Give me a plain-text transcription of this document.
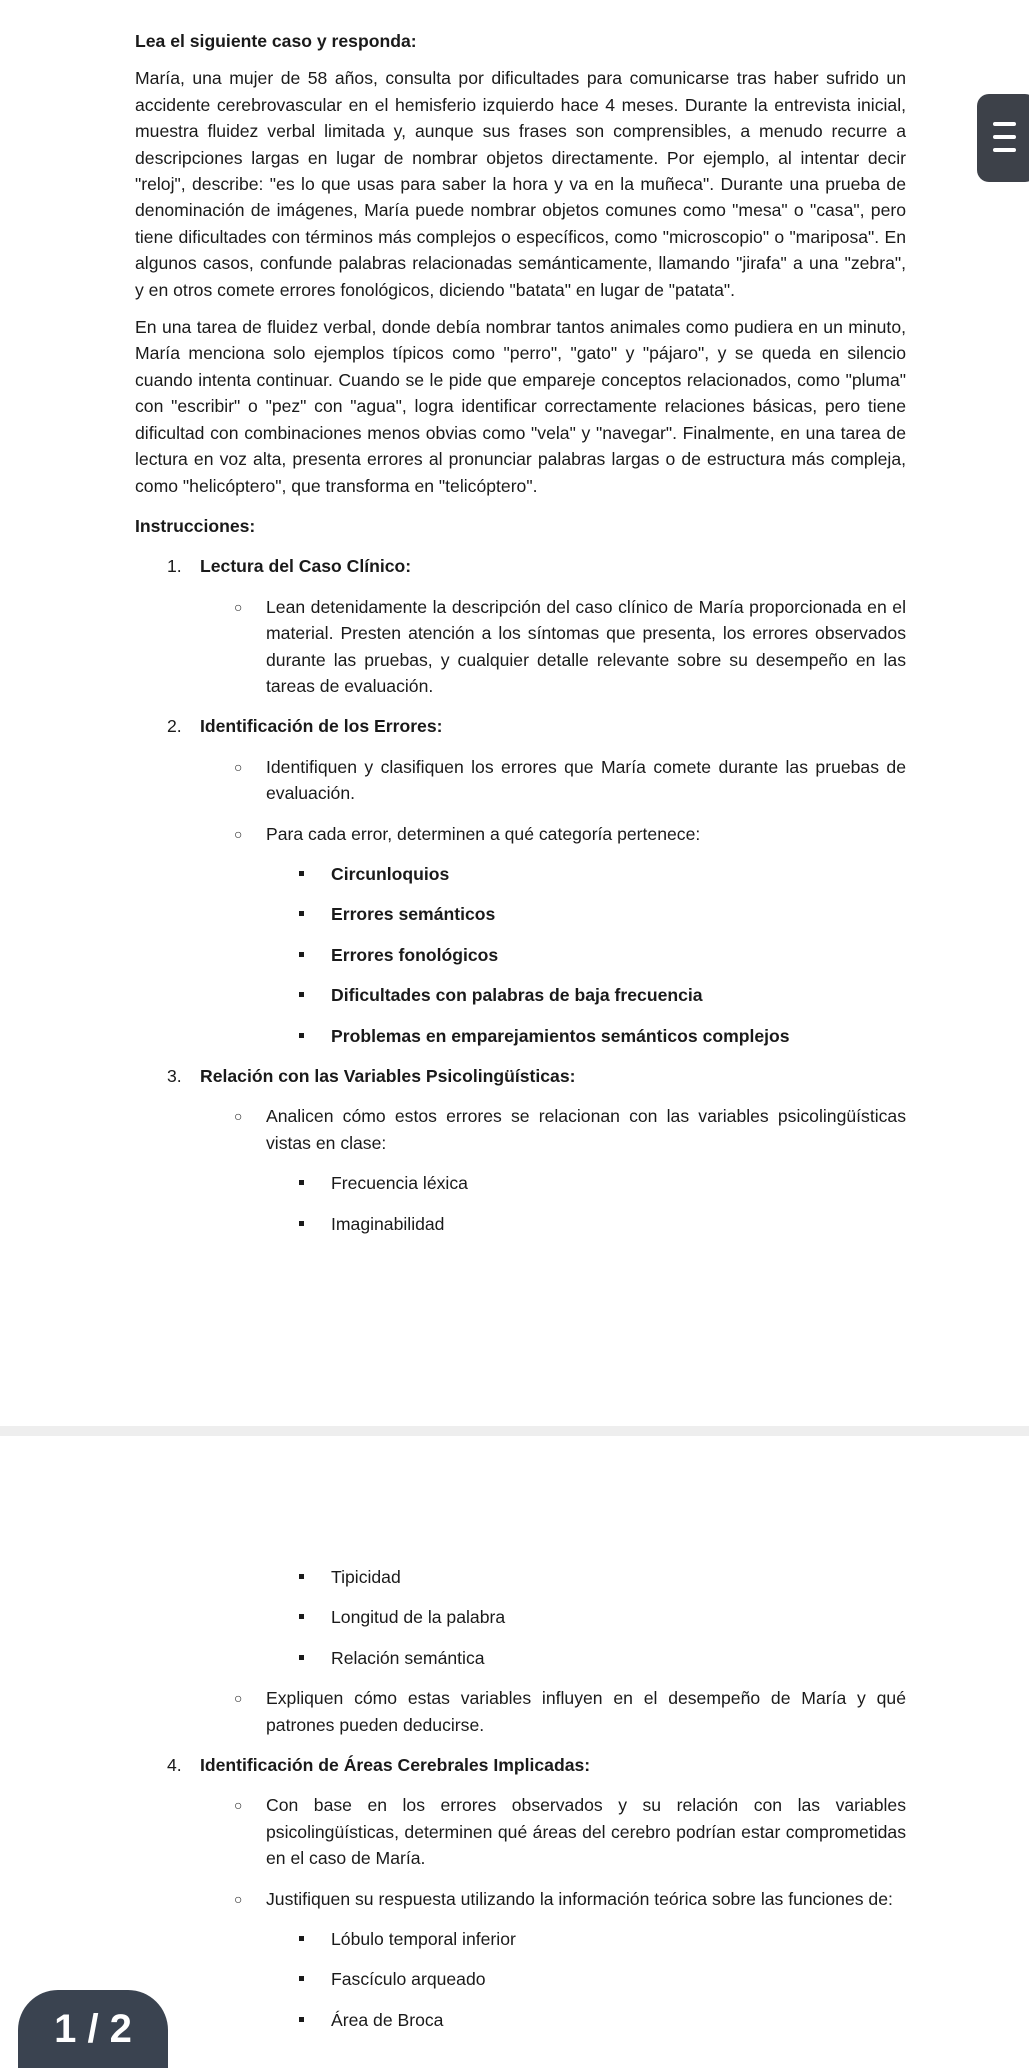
Lea el siguiente caso y responda:

María, una mujer de 58 años, consulta por dificultades para comunicarse tras haber sufrido un accidente cerebrovascular en el hemisferio izquierdo hace 4 meses. Durante la entrevista inicial, muestra fluidez verbal limitada y, aunque sus frases son comprensibles, a menudo recurre a descripciones largas en lugar de nombrar objetos directamente. Por ejemplo, al intentar decir "reloj", describe: "es lo que usas para saber la hora y va en la muñeca". Durante una prueba de denominación de imágenes, María puede nombrar objetos comunes como "mesa" o "casa", pero tiene dificultades con términos más complejos o específicos, como "microscopio" o "mariposa". En algunos casos, confunde palabras relacionadas semánticamente, llamando "jirafa" a una "zebra", y en otros comete errores fonológicos, diciendo "batata" en lugar de "patata".

En una tarea de fluidez verbal, donde debía nombrar tantos animales como pudiera en un minuto, María menciona solo ejemplos típicos como "perro", "gato" y "pájaro", y se queda en silencio cuando intenta continuar. Cuando se le pide que empareje conceptos relacionados, como "pluma" con "escribir" o "pez" con "agua", logra identificar correctamente relaciones básicas, pero tiene dificultad con combinaciones menos obvias como "vela" y "navegar". Finalmente, en una tarea de lectura en voz alta, presenta errores al pronunciar palabras largas o de estructura más compleja, como "helicóptero", que transforma en "telicóptero".

Instrucciones:

1. Lectura del Caso Clínico:
○ Lean detenidamente la descripción del caso clínico de María proporcionada en el material. Presten atención a los síntomas que presenta, los errores observados durante las pruebas, y cualquier detalle relevante sobre su desempeño en las tareas de evaluación.
2. Identificación de los Errores:
○ Identifiquen y clasifiquen los errores que María comete durante las pruebas de evaluación.
○ Para cada error, determinen a qué categoría pertenece:
Circunloquios
Errores semánticos
Errores fonológicos
Dificultades con palabras de baja frecuencia
Problemas en emparejamientos semánticos complejos
3. Relación con las Variables Psicolingüísticas:
○ Analicen cómo estos errores se relacionan con las variables psicolingüísticas vistas en clase:
Frecuencia léxica
Imaginabilidad
Tipicidad
Longitud de la palabra
Relación semántica
○ Expliquen cómo estas variables influyen en el desempeño de María y qué patrones pueden deducirse.
4. Identificación de Áreas Cerebrales Implicadas:
○ Con base en los errores observados y su relación con las variables psicolingüísticas, determinen qué áreas del cerebro podrían estar comprometidas en el caso de María.
○ Justifiquen su respuesta utilizando la información teórica sobre las funciones de:
Lóbulo temporal inferior
Fascículo arqueado
Área de Broca
1 / 2
